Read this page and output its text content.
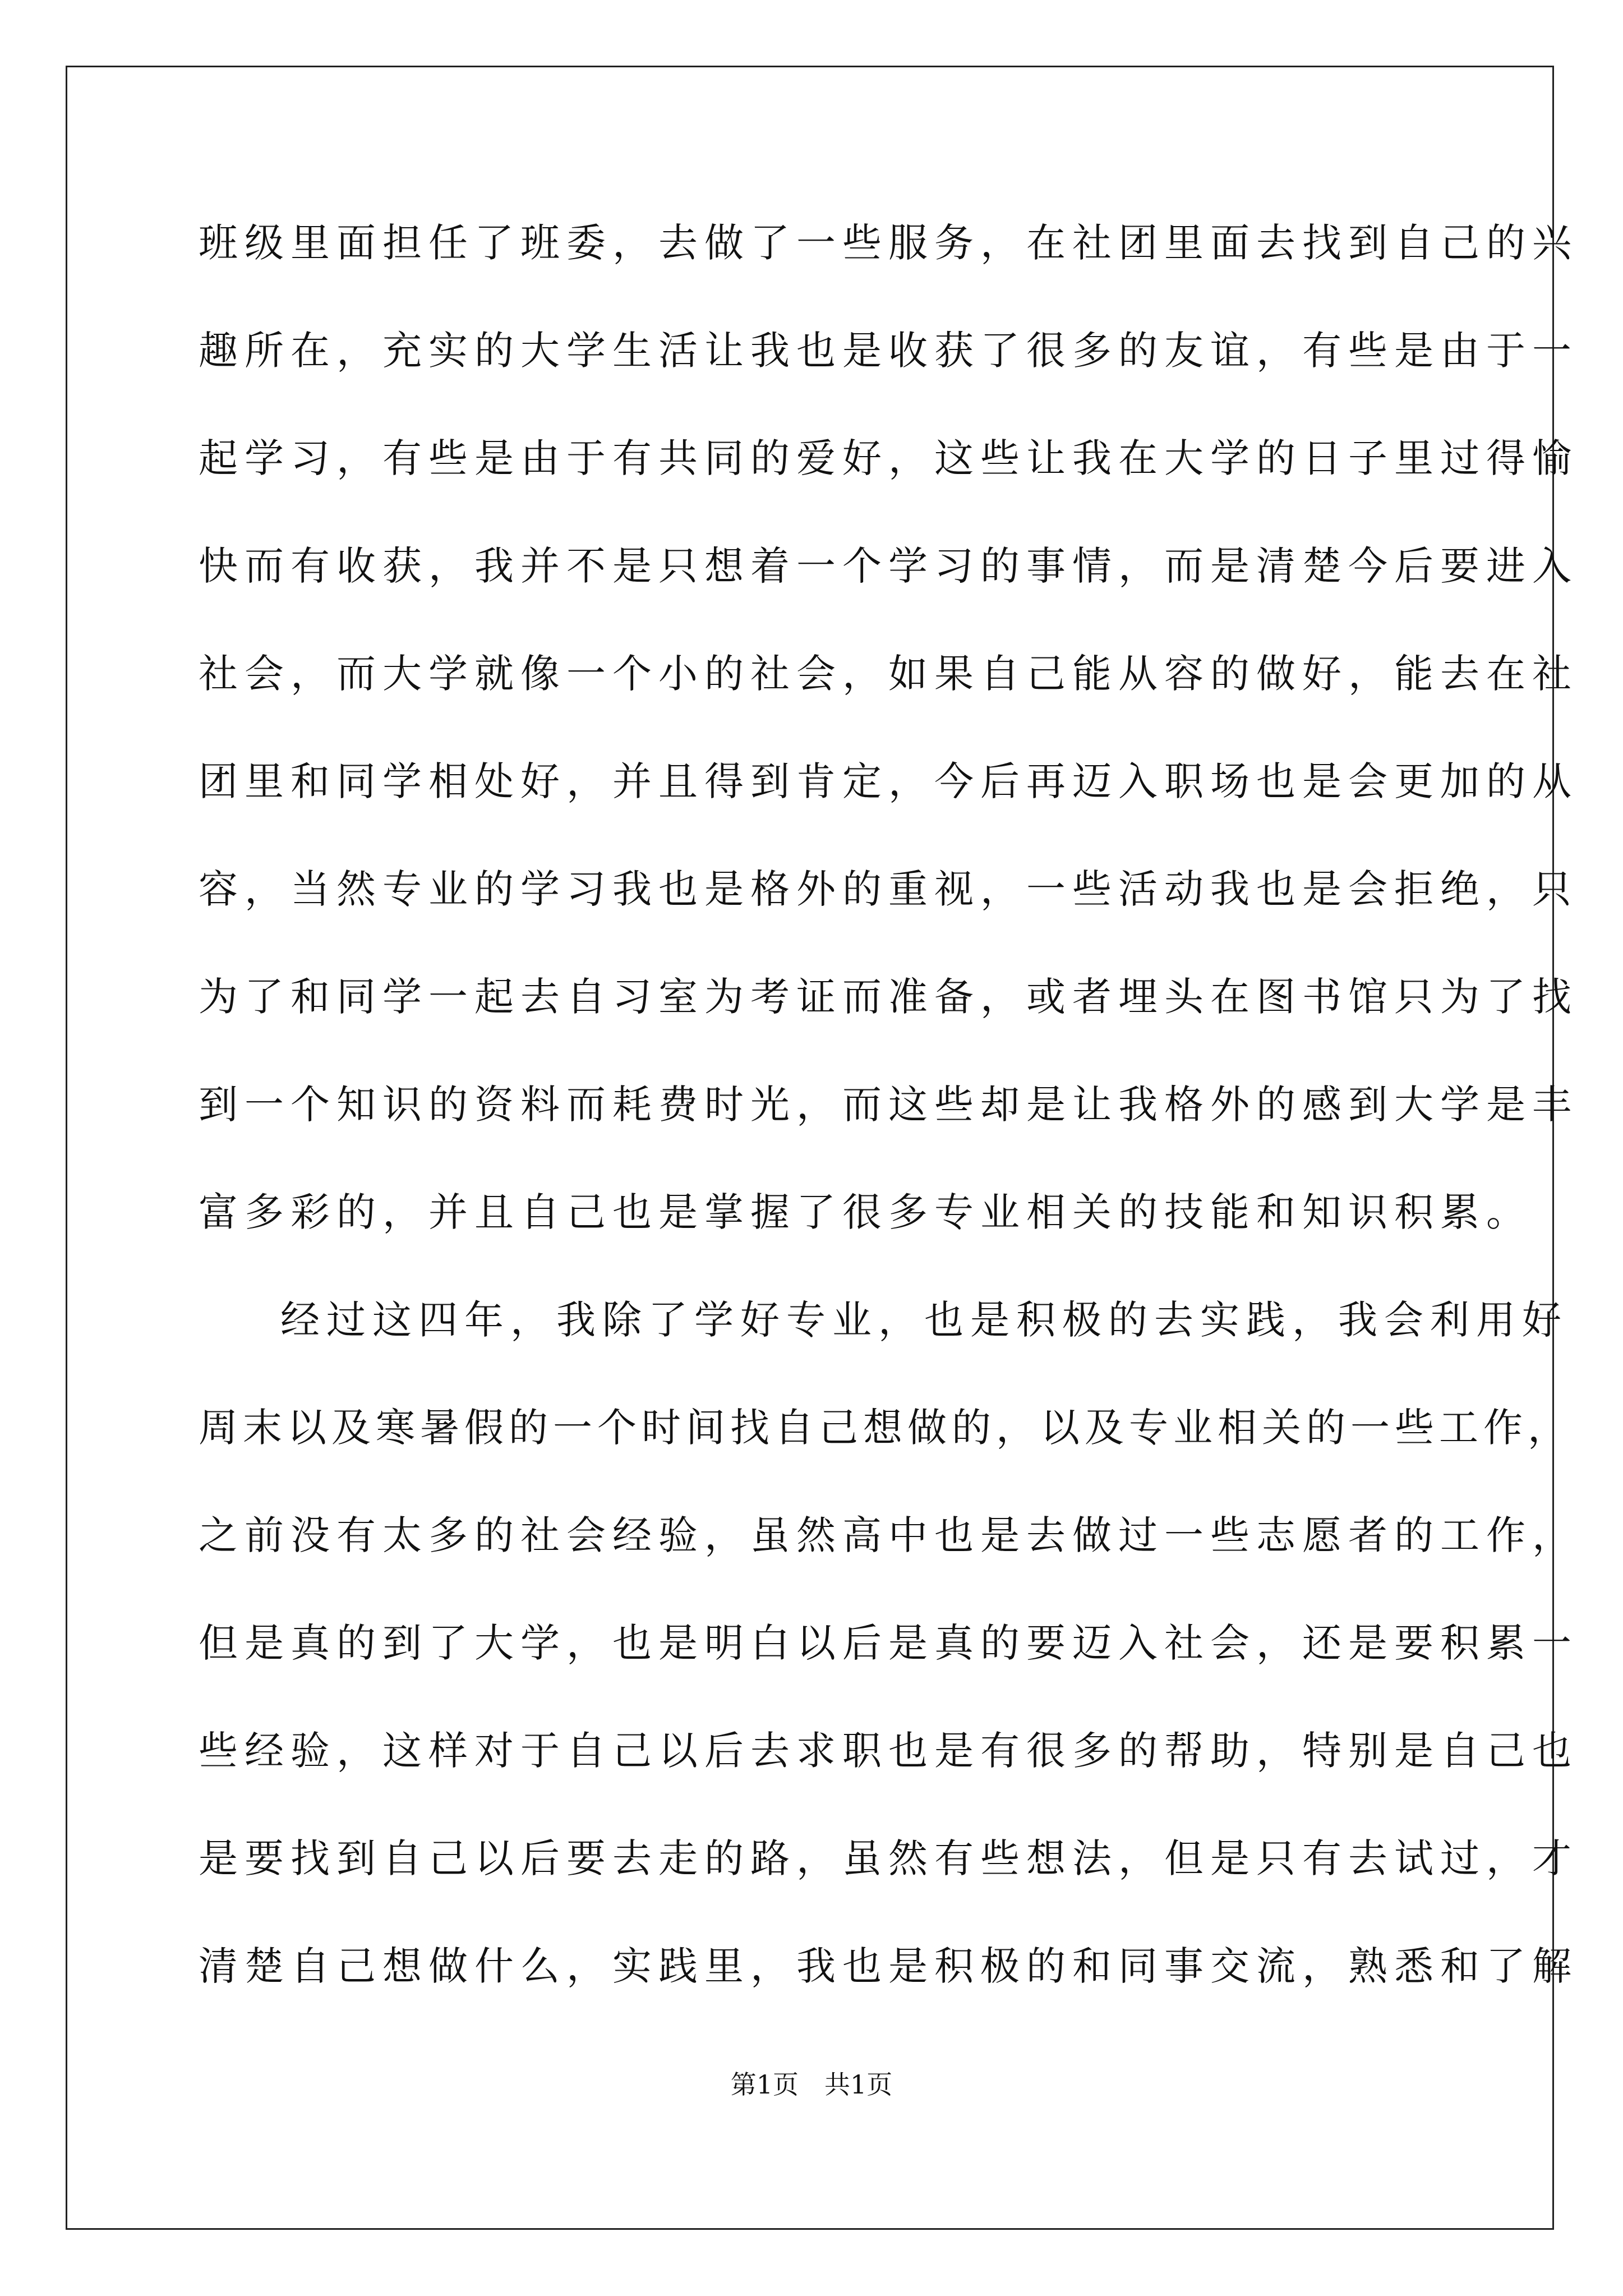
班级里面担任了班委，去做了一些服务，在社团里面去找到自己的兴
趣所在，充实的大学生活让我也是收获了很多的友谊，有些是由于一
起学习，有些是由于有共同的爱好，这些让我在大学的日子里过得愉
快而有收获，我并不是只想着一个学习的事情，而是清楚今后要进入
社会，而大学就像一个小的社会，如果自己能从容的做好，能去在社
团里和同学相处好，并且得到肯定，今后再迈入职场也是会更加的从
容，当然专业的学习我也是格外的重视，一些活动我也是会拒绝，只
为了和同学一起去自习室为考证而准备，或者埋头在图书馆只为了找
到一个知识的资料而耗费时光，而这些却是让我格外的感到大学是丰
富多彩的，并且自己也是掌握了很多专业相关的技能和知识积累。
经过这四年，我除了学好专业，也是积极的去实践，我会利用好
周末以及寒暑假的一个时间找自己想做的，以及专业相关的一些工作，
之前没有太多的社会经验，虽然高中也是去做过一些志愿者的工作，
但是真的到了大学，也是明白以后是真的要迈入社会，还是要积累一
些经验，这样对于自己以后去求职也是有很多的帮助，特别是自己也
是要找到自己以后要去走的路，虽然有些想法，但是只有去试过，才
清楚自己想做什么，实践里，我也是积极的和同事交流，熟悉和了解
第1页　共1页
